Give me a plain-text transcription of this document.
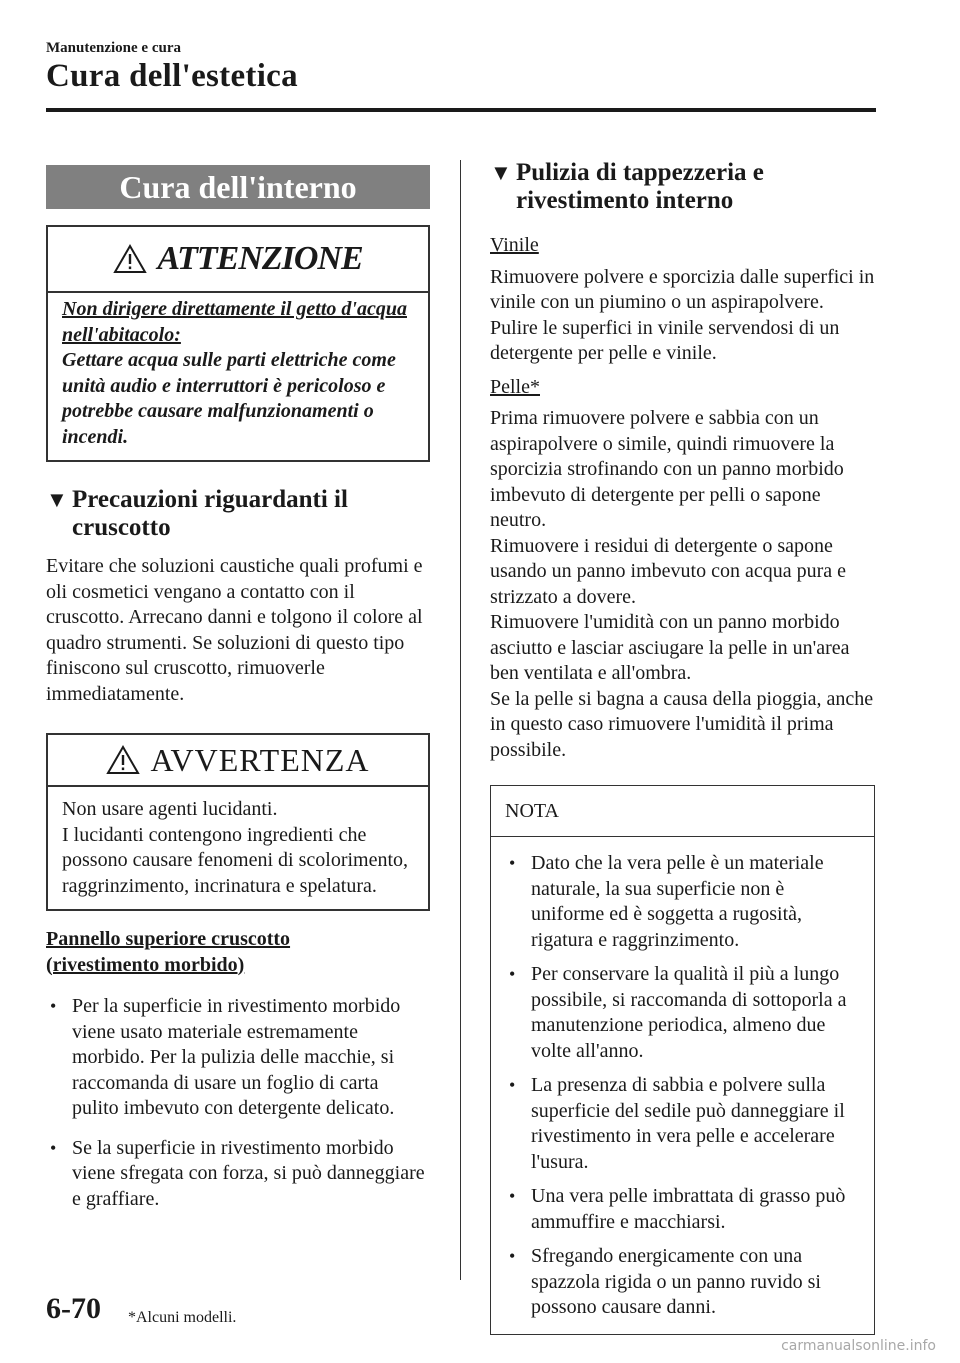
Manutenzione e cura
Cura dell'estetica
Cura dell'interno
ATTENZIONE

Non dirigere direttamente il getto d'acqua nell'abitacolo:

Gettare acqua sulle parti elettriche come unità audio e interruttori è pericoloso e potrebbe causare malfunzionamenti o incendi.

▼ Precauzioni riguardanti il cruscotto

Evitare che soluzioni caustiche quali profumi e oli cosmetici vengano a contatto con il cruscotto. Arrecano danni e tolgono il colore al quadro strumenti. Se soluzioni di questo tipo finiscono sul cruscotto, rimuoverle immediatamente.

AVVERTENZA

Non usare agenti lucidanti.

I lucidanti contengono ingredienti che possono causare fenomeni di scolorimento, raggrinzimento, incrinatura e spelatura.

Pannello superiore cruscotto (rivestimento morbido)
• Per la superficie in rivestimento morbido viene usato materiale estremamente morbido. Per la pulizia delle macchie, si raccomanda di usare un foglio di carta pulito imbevuto con detergente delicato.
• Se la superficie in rivestimento morbido viene sfregata con forza, si può danneggiare e graffiare.
▼ Pulizia di tappezzeria e rivestimento interno
Vinile

Rimuovere polvere e sporcizia dalle superfici in vinile con un piumino o un aspirapolvere. Pulire le superfici in vinile servendosi di un detergente per pelle e vinile.

Pelle*

Prima rimuovere polvere e sabbia con un aspirapolvere o simile, quindi rimuovere la sporcizia strofinando con un panno morbido imbevuto di detergente per pelli o sapone neutro.

Rimuovere i residui di detergente o sapone usando un panno imbevuto con acqua pura e strizzato a dovere.

Rimuovere l'umidità con un panno morbido asciutto e lasciar asciugare la pelle in un'area ben ventilata e all'ombra.

Se la pelle si bagna a causa della pioggia, anche in questo caso rimuovere l'umidità il prima possibile.

NOTA
• Dato che la vera pelle è un materiale naturale, la sua superficie non è uniforme ed è soggetta a rugosità, rigatura e raggrinzimento.
• Per conservare la qualità il più a lungo possibile, si raccomanda di sottoporla a manutenzione periodica, almeno due volte all'anno.
• La presenza di sabbia e polvere sulla superficie del sedile può danneggiare il rivestimento in vera pelle e accelerare l'usura.
• Una vera pelle imbrattata di grasso può ammuffire e macchiarsi.
• Sfregando energicamente con una spazzola rigida o un panno ruvido si possono causare danni.
6-70 *Alcuni modelli.
carmanualsonline.info
